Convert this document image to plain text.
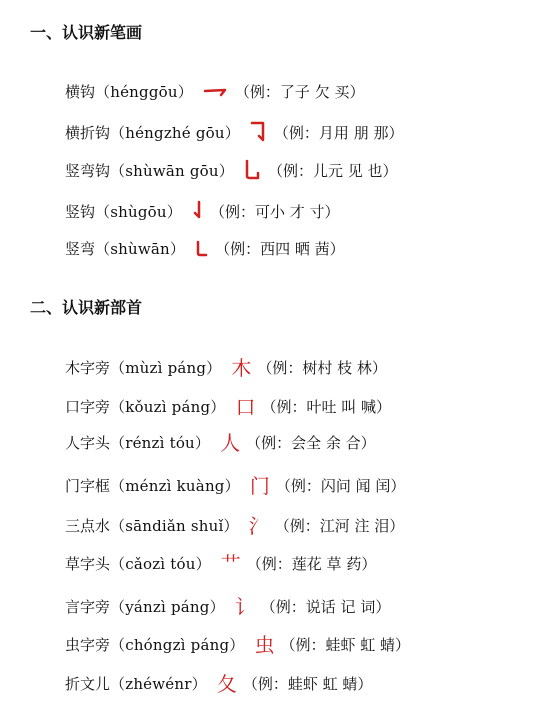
一、认识新笔画
横钩 （hénggōu）	（例：了子 欠 买）
横折钩 （héngzhé gōu） （例：月用 朋 那）
竖弯钩 （shùwān gōu） （例：儿元 见 也）
竖钩 （shùgōu） （例：可小 才 寸）
竖弯 （shùwān） （例：西四 晒 茜）
二、认识新部首
木字旁 （mùzì páng） 木 （例：树村 枝 林）
口字旁 （kǒuzì páng） 口 （例：叶吐 叫 喊）
人字头 （rénzì tóu） 人 （例：会全 余 合）
门字框 （ménzì kuàng） 门 （例：闪问 闻 闰）
三点水 （sāndiǎn shuǐ） 氵 （例：江河 注 泪）
草字头 （cǎozì tóu） 艹 （例：莲花 草 药）
言字旁 （yánzì páng） 讠 （例：说话 记 词）
虫字旁 （chóngzì páng） 虫 （例：蛙虾 虹 蜻）
折文儿 （zhéwénr） 夂 （例：蛙虾 虹 蜻）
